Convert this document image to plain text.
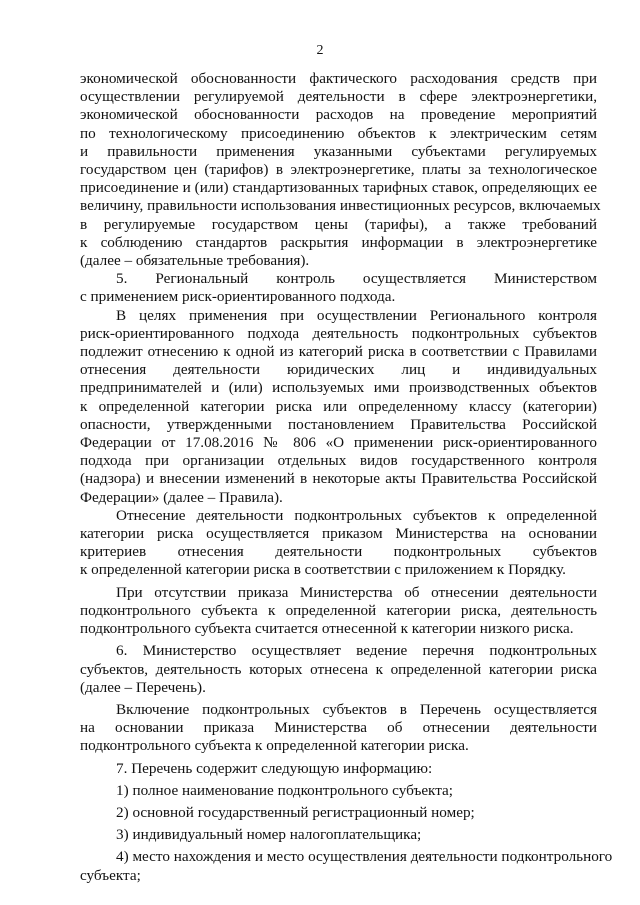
2
экономической обоснованности фактического расходования средств при
осуществлении регулируемой деятельности в сфере электроэнергетики,
экономической обоснованности расходов на проведение мероприятий
по технологическому присоединению объектов к электрическим сетям
и правильности применения указанными субъектами регулируемых
государством цен (тарифов) в электроэнергетике, платы за технологическое
присоединение и (или) стандартизованных тарифных ставок, определяющих ее
величину, правильности использования инвестиционных ресурсов, включаемых
в регулируемые государством цены (тарифы), а также требований
к соблюдению стандартов раскрытия информации в электроэнергетике
(далее – обязательные требования).
5. Региональный контроль осуществляется Министерством
с применением риск-ориентированного подхода.
В целях применения при осуществлении Регионального контроля
риск-ориентированного подхода деятельность подконтрольных субъектов
подлежит отнесению к одной из категорий риска в соответствии с Правилами
отнесения деятельности юридических лиц и индивидуальных
предпринимателей и (или) используемых ими производственных объектов
к определенной категории риска или определенному классу (категории)
опасности, утвержденными постановлением Правительства Российской
Федерации от 17.08.2016 № 806 «О применении риск-ориентированного
подхода при организации отдельных видов государственного контроля
(надзора) и внесении изменений в некоторые акты Правительства Российской
Федерации» (далее – Правила).
Отнесение деятельности подконтрольных субъектов к определенной
категории риска осуществляется приказом Министерства на основании
критериев отнесения деятельности подконтрольных субъектов
к определенной категории риска в соответствии с приложением к Порядку.
При отсутствии приказа Министерства об отнесении деятельности
подконтрольного субъекта к определенной категории риска, деятельность
подконтрольного субъекта считается отнесенной к категории низкого риска.
6. Министерство осуществляет ведение перечня подконтрольных
субъектов, деятельность которых отнесена к определенной категории риска
(далее – Перечень).
Включение подконтрольных субъектов в Перечень осуществляется
на основании приказа Министерства об отнесении деятельности
подконтрольного субъекта к определенной категории риска.
7. Перечень содержит следующую информацию:
1) полное наименование подконтрольного субъекта;
2) основной государственный регистрационный номер;
3) индивидуальный номер налогоплательщика;
4) место нахождения и место осуществления деятельности подконтрольного
субъекта;
